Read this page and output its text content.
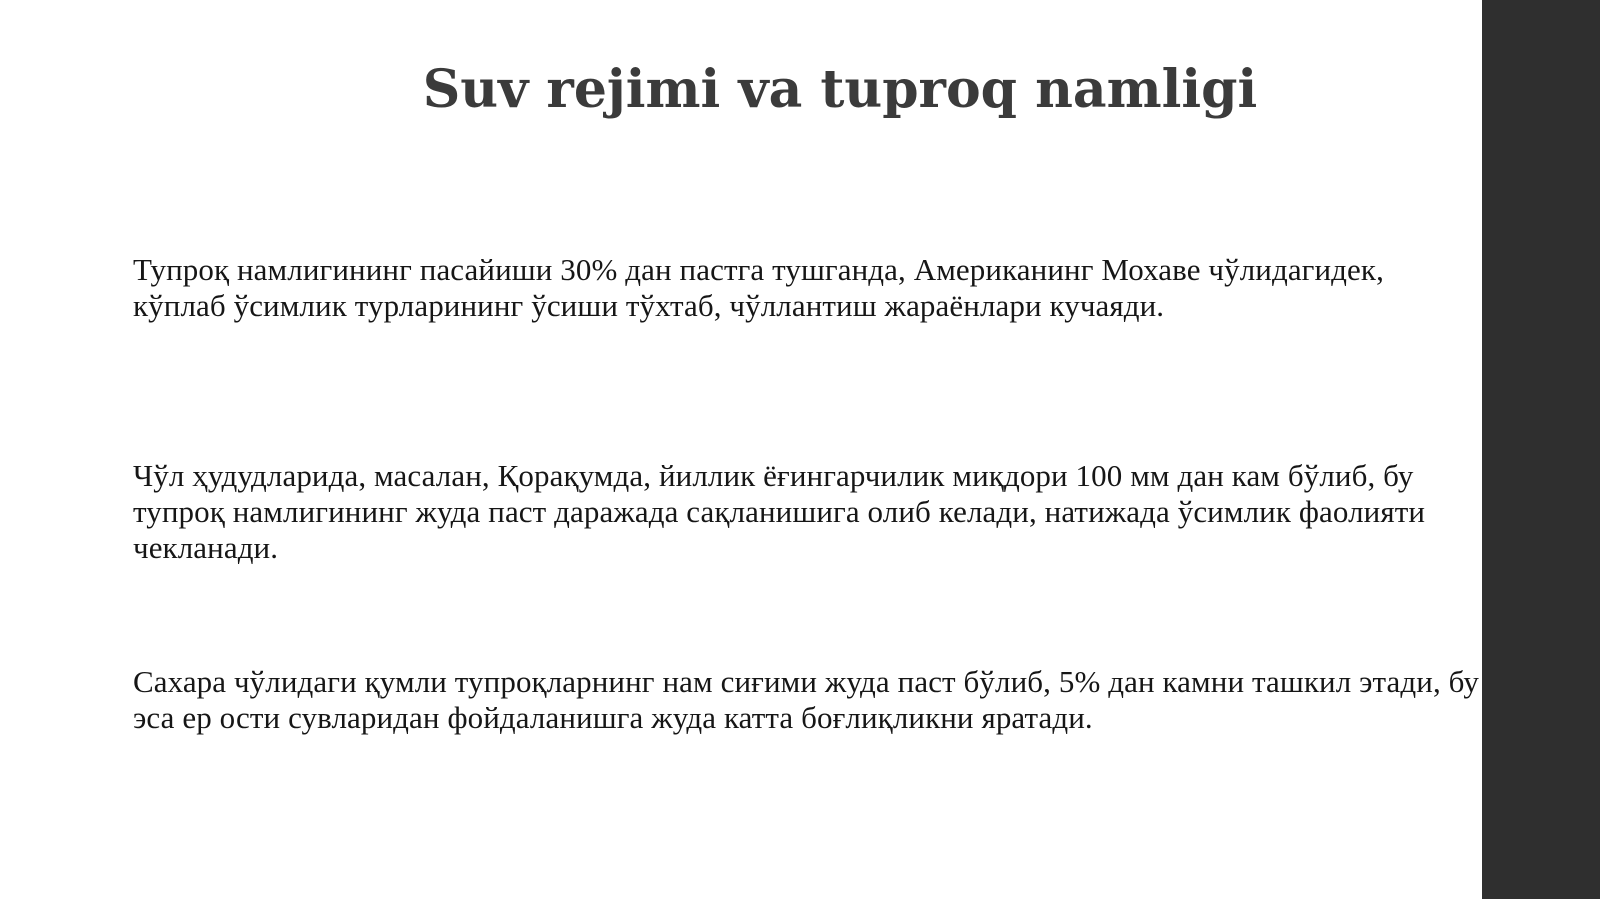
Suv rejimi va tuproq namligi

Тупроқ намлигининг пасайиши 30% дан пастга тушганда, Американинг Мохаве чўлидагидек, кўплаб ўсимлик турларининг ўсиши тўхтаб, чўллантиш жараёнлари кучаяди.

Чўл ҳудудларида, масалан, Қорақумда, йиллик ёғингарчилик миқдори 100 мм дан кам бўлиб, бу тупроқ намлигининг жуда паст даражада сақланишига олиб келади, натижада ўсимлик фаолияти чекланади.

Сахара чўлидаги қумли тупроқларнинг нам сиғими жуда паст бўлиб, 5% дан камни ташкил этади, бу эса ер ости сувларидан фойдаланишга жуда катта боғлиқликни яратади.
